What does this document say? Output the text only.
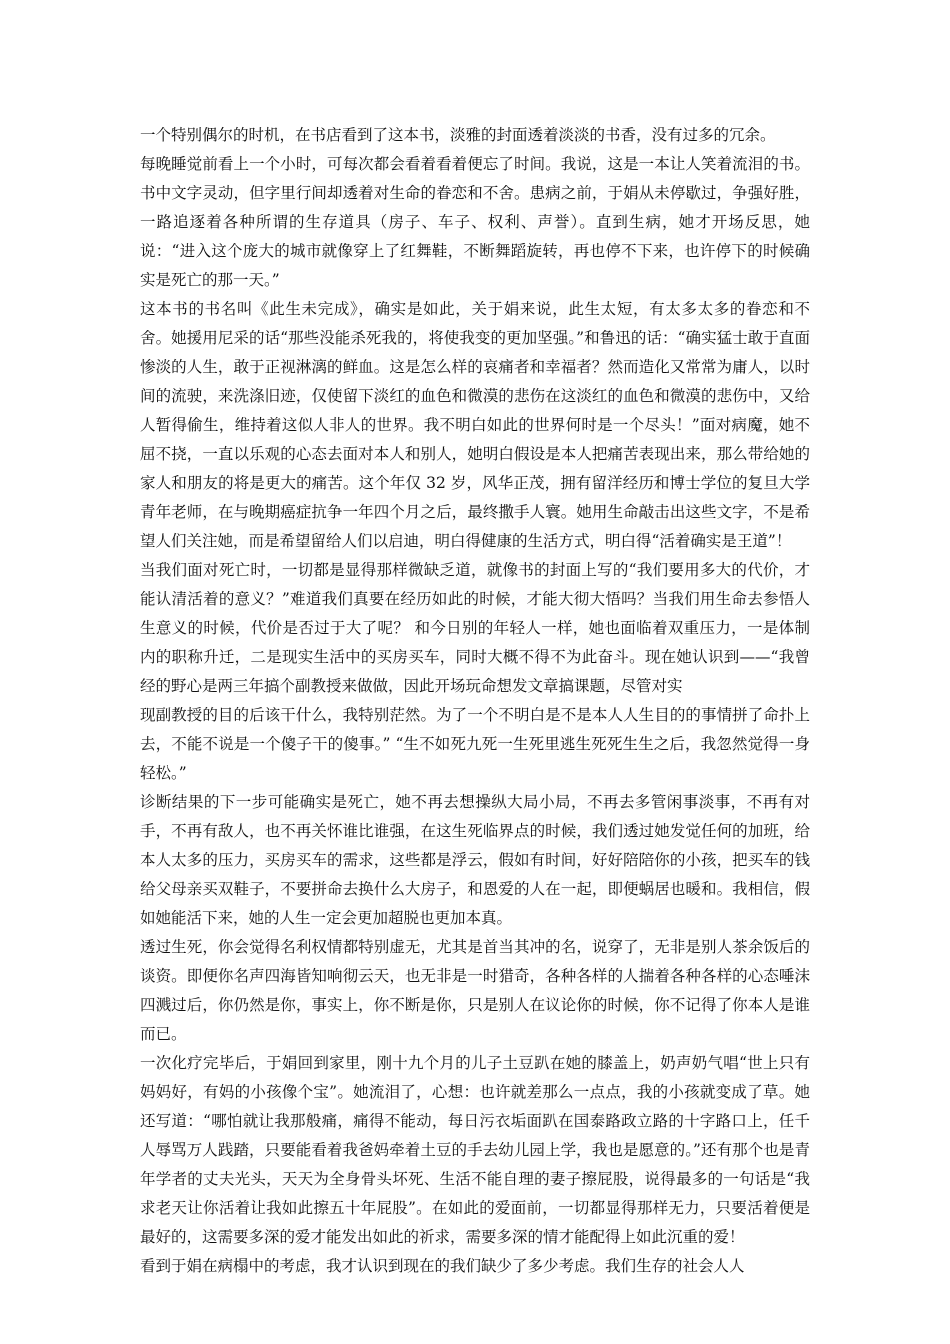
一个特别偶尔的时机，在书店看到了这本书，淡雅的封面透着淡淡的书香，没有过多的冗余。

每晚睡觉前看上一个小时，可每次都会看着看着便忘了时间。我说，这是一本让人笑着流泪的书。书中文字灵动，但字里行间却透着对生命的眷恋和不舍。患病之前，于娟从未停歇过，争强好胜，一路追逐着各种所谓的生存道具（房子、车子、权利、声誉）。直到生病，她才开场反思，她说：“进入这个庞大的城市就像穿上了红舞鞋，不断舞蹈旋转，再也停不下来，也许停下的时候确实是死亡的那一天。”

这本书的书名叫《此生未完成》，确实是如此，关于娟来说，此生太短，有太多太多的眷恋和不舍。她援用尼采的话“那些没能杀死我的，将使我变的更加坚强。”和鲁迅的话：“确实猛士敢于直面惨淡的人生，敢于正视淋漓的鲜血。这是怎么样的哀痛者和幸福者？然而造化又常常为庸人，以时间的流驶，来洗涤旧迹，仅使留下淡红的血色和微漠的悲伤在这淡红的血色和微漠的悲伤中，又给人暂得偷生，维持着这似人非人的世界。我不明白如此的世界何时是一个尽头！”面对病魔，她不屈不挠，一直以乐观的心态去面对本人和别人，她明白假设是本人把痛苦表现出来，那么带给她的家人和朋友的将是更大的痛苦。这个年仅 32 岁，风华正茂，拥有留洋经历和博士学位的复旦大学青年老师，在与晚期癌症抗争一年四个月之后，最终撒手人寰。她用生命敲击出这些文字，不是希望人们关注她，而是希望留给人们以启迪，明白得健康的生活方式，明白得“活着确实是王道”！

当我们面对死亡时，一切都是显得那样微缺乏道，就像书的封面上写的“我们要用多大的代价，才能认清活着的意义？”难道我们真要在经历如此的时候，才能大彻大悟吗？当我们用生命去参悟人生意义的时候，代价是否过于大了呢？ 和今日别的年轻人一样，她也面临着双重压力，一是体制内的职称升迁，二是现实生活中的买房买车，同时大概不得不为此奋斗。现在她认识到——“我曾经的野心是两三年搞个副教授来做做，因此开场玩命想发文章搞课题，尽管对实

现副教授的目的后该干什么，我特别茫然。为了一个不明白是不是本人人生目的的事情拼了命扑上去，不能不说是一个傻子干的傻事。” “生不如死九死一生死里逃生死死生生之后，我忽然觉得一身轻松。”

诊断结果的下一步可能确实是死亡，她不再去想操纵大局小局，不再去多管闲事淡事，不再有对手，不再有敌人，也不再关怀谁比谁强，在这生死临界点的时候，我们透过她发觉任何的加班，给本人太多的压力，买房买车的需求，这些都是浮云，假如有时间，好好陪陪你的小孩，把买车的钱给父母亲买双鞋子，不要拼命去换什么大房子，和恩爱的人在一起，即便蜗居也暖和。我相信，假如她能活下来，她的人生一定会更加超脱也更加本真。

透过生死，你会觉得名利权情都特别虚无，尤其是首当其冲的名，说穿了，无非是别人茶余饭后的谈资。即便你名声四海皆知响彻云天，也无非是一时猎奇，各种各样的人揣着各种各样的心态唾沫四溅过后，你仍然是你，事实上，你不断是你，只是别人在议论你的时候，你不记得了你本人是谁而已。

一次化疗完毕后，于娟回到家里，刚十九个月的儿子土豆趴在她的膝盖上，奶声奶气唱“世上只有妈妈好，有妈的小孩像个宝”。她流泪了，心想：也许就差那么一点点，我的小孩就变成了草。她还写道：“哪怕就让我那般痛，痛得不能动，每日污衣垢面趴在国泰路政立路的十字路口上，任千人辱骂万人践踏，只要能看着我爸妈牵着土豆的手去幼儿园上学，我也是愿意的。”还有那个也是青年学者的丈夫光头，天天为全身骨头坏死、生活不能自理的妻子擦屁股，说得最多的一句话是“我求老天让你活着让我如此擦五十年屁股”。在如此的爱面前，一切都显得那样无力，只要活着便是最好的，这需要多深的爱才能发出如此的祈求，需要多深的情才能配得上如此沉重的爱！

看到于娟在病榻中的考虑，我才认识到现在的我们缺少了多少考虑。我们生存的社会人人
